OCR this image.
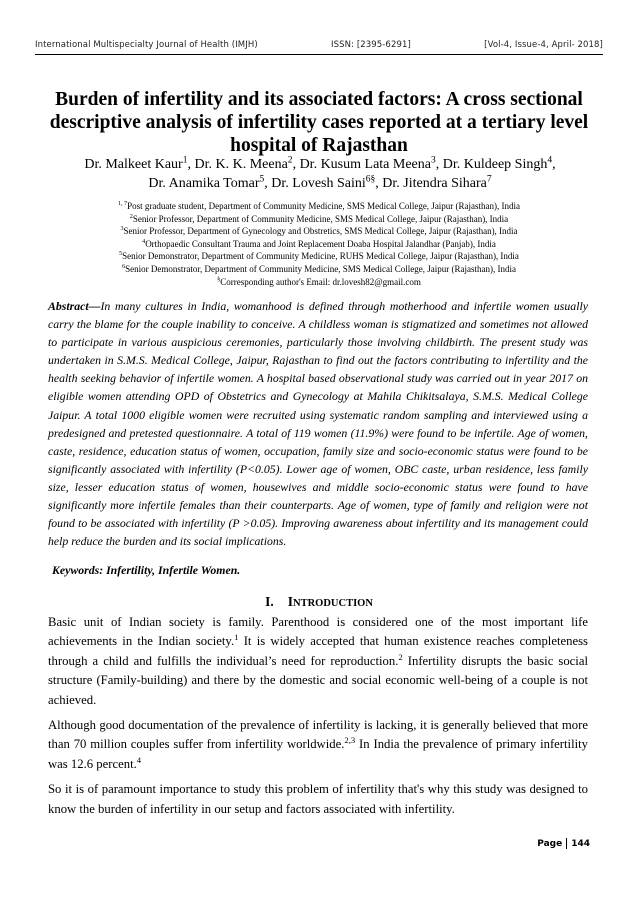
International Multispecialty Journal of Health (IMJH)	ISSN: [2395-6291]	[Vol-4, Issue-4, April- 2018]
Burden of infertility and its associated factors: A cross sectional descriptive analysis of infertility cases reported at a tertiary level hospital of Rajasthan
Dr. Malkeet Kaur$^1$, Dr. K. K. Meena$^2$, Dr. Kusum Lata Meena$^3$, Dr. Kuldeep Singh$^4$,
Dr. Anamika Tomar$^5$, Dr. Lovesh Saini$^{6\S}$, Dr. Jitendra Sihara$^7$
$^{1, 7}$Post graduate student, Department of Community Medicine, SMS Medical College, Jaipur (Rajasthan), India
$^2$Senior Professor, Department of Community Medicine, SMS Medical College, Jaipur (Rajasthan), India
$^3$Senior Professor, Department of Gynecology and Obstretics, SMS Medical College, Jaipur (Rajasthan), India
$^4$Orthopaedic Consultant Trauma and Joint Replacement Doaba Hospital Jalandhar (Panjab), India
$^5$Senior Demonstrator, Department of Community Medicine, RUHS Medical College, Jaipur (Rajasthan), India
$^6$Senior Demonstrator, Department of Community Medicine, SMS Medical College, Jaipur (Rajasthan), India
§Corresponding author's Email: dr.lovesh82@gmail.com
Abstract—In many cultures in India, womanhood is defined through motherhood and infertile women usually carry the blame for the couple inability to conceive. A childless woman is stigmatized and sometimes not allowed to participate in various auspicious ceremonies, particularly those involving childbirth. The present study was undertaken in S.M.S. Medical College, Jaipur, Rajasthan to find out the factors contributing to infertility and the health seeking behavior of infertile women. A hospital based observational study was carried out in year 2017 on eligible women attending OPD of Obstetrics and Gynecology at Mahila Chikitsalaya, S.M.S. Medical College Jaipur. A total 1000 eligible women were recruited using systematic random sampling and interviewed using a predesigned and pretested questionnaire. A total of 119 women (11.9%) were found to be infertile. Age of women, caste, residence, education status of women, occupation, family size and socio-economic status were found to be significantly associated with infertility (P<0.05). Lower age of women, OBC caste, urban residence, less family size, lesser education status of women, housewives and middle socio-economic status were found to have significantly more infertile females than their counterparts. Age of women, type of family and religion were not found to be associated with infertility (P >0.05). Improving awareness about infertility and its management could help reduce the burden and its social implications.
Keywords: Infertility, Infertile Women.
I. INTRODUCTION

Basic unit of Indian society is family. Parenthood is considered one of the most important life achievements in the Indian society.$^1$ It is widely accepted that human existence reaches completeness through a child and fulfills the individual’s need for reproduction.$^2$ Infertility disrupts the basic social structure (Family-building) and there by the domestic and social economic well-being of a couple is not achieved.

Although good documentation of the prevalence of infertility is lacking, it is generally believed that more than 70 million couples suffer from infertility worldwide.$^{2,3}$ In India the prevalence of primary infertility was 12.6 percent.$^4$

So it is of paramount importance to study this problem of infertility that's why this study was designed to know the burden of infertility in our setup and factors associated with infertility.

Page 144
